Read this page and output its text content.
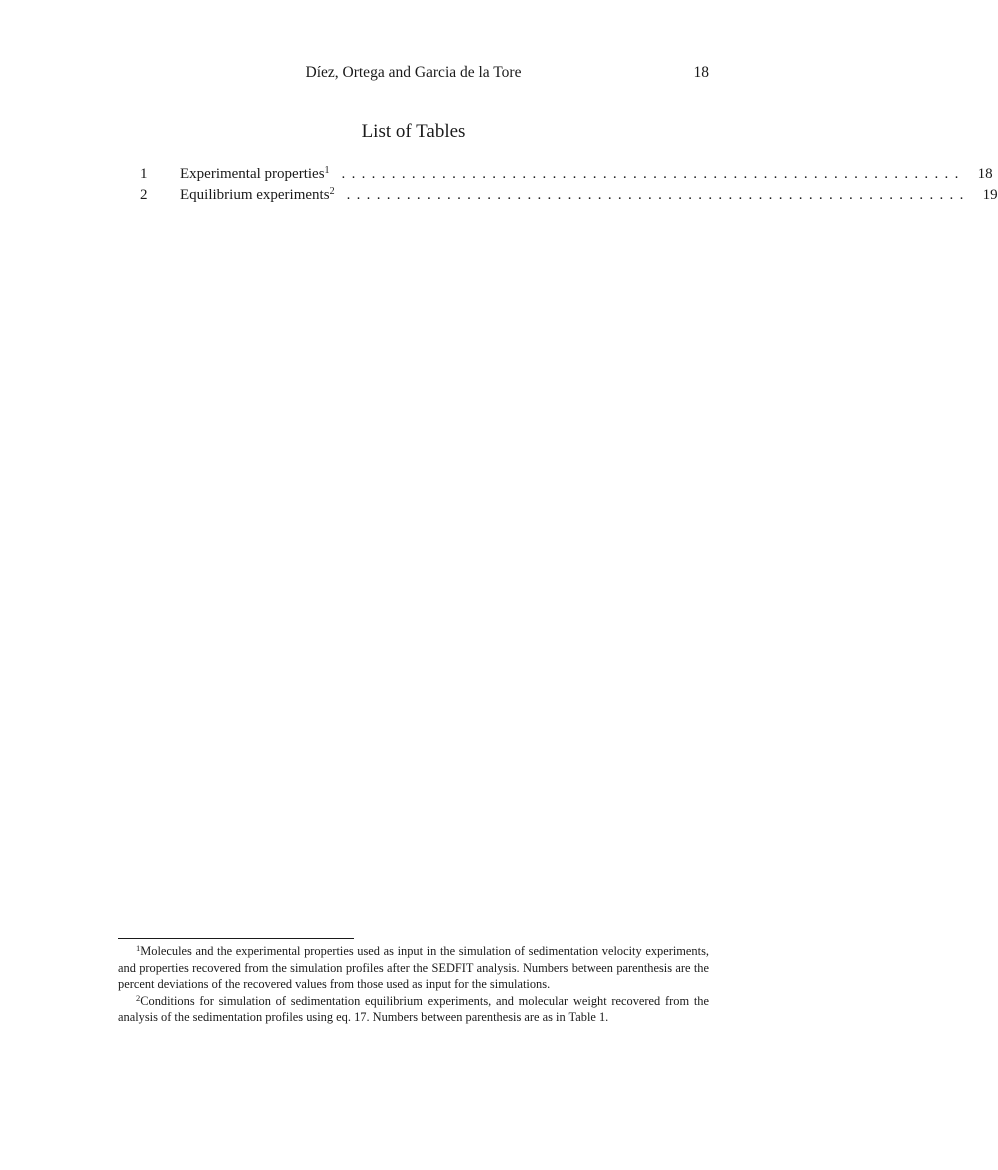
Díez, Ortega and Garcia de la Tore	18
List of Tables
1	Experimental properties$^1$ .............................................................. 18
2	Equilibrium experiments$^2$ .............................................................. 19

$^1$Molecules and the experimental properties used as input in the simulation of sedimentation velocity experiments, and properties recovered from the simulation profiles after the SEDFIT analysis. Numbers between parenthesis are the percent deviations of the recovered values from those used as input for the simulations.

$^2$Conditions for simulation of sedimentation equilibrium experiments, and molecular weight recovered from the analysis of the sedimentation profiles using eq. 17. Numbers between parenthesis are as in Table 1.
